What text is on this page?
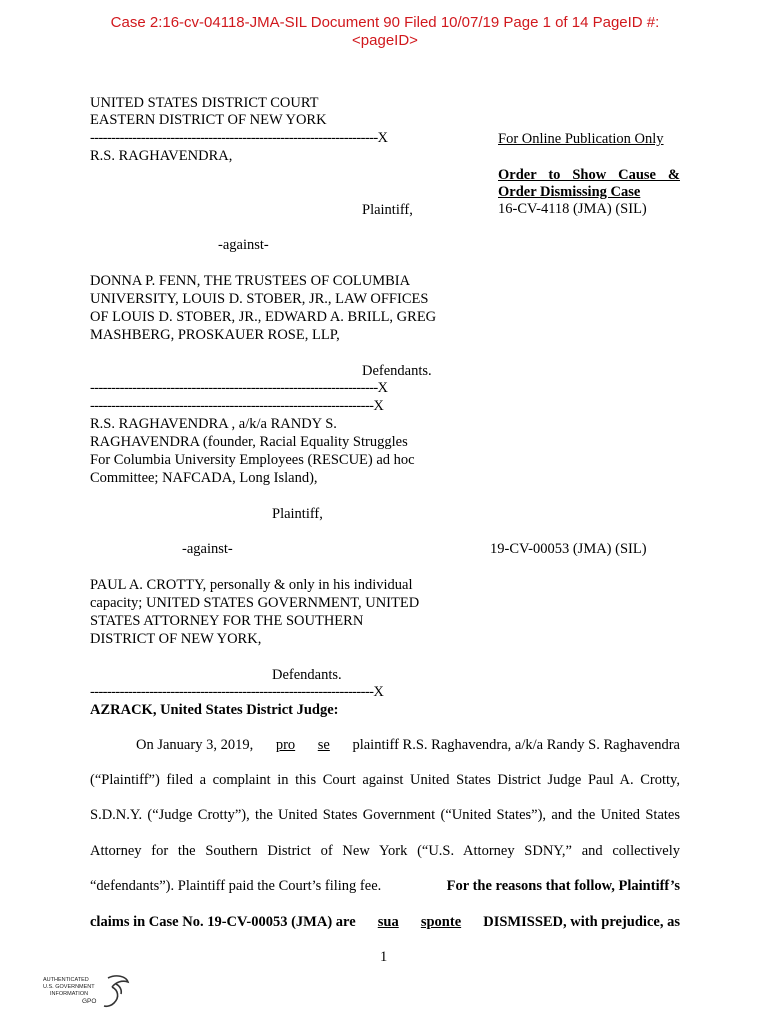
Case 2:16-cv-04118-JMA-SIL Document 90 Filed 10/07/19 Page 1 of 14 PageID #:
<pageID>
UNITED STATES DISTRICT COURT
EASTERN DISTRICT OF NEW YORK
--------------------------------------------------------------------X
R.S. RAGHAVENDRA,
Plaintiff,
-against-
DONNA P. FENN, THE TRUSTEES OF COLUMBIA
UNIVERSITY, LOUIS D. STOBER, JR., LAW OFFICES
OF LOUIS D. STOBER, JR., EDWARD A. BRILL, GREG
MASHBERG, PROSKAUER ROSE, LLP,
Defendants.
--------------------------------------------------------------------X
-------------------------------------------------------------------X
For Online Publication Only
Order to Show Cause &
Order Dismissing Case
16-CV-4118 (JMA) (SIL)
19-CV-00053 (JMA) (SIL)
R.S. RAGHAVENDRA , a/k/a RANDY S.
RAGHAVENDRA (founder, Racial Equality Struggles
For Columbia University Employees (RESCUE) ad hoc
Committee; NAFCADA, Long Island),
Plaintiff,
-against-
PAUL A. CROTTY, personally & only in his individual
capacity; UNITED STATES GOVERNMENT, UNITED
STATES ATTORNEY FOR THE SOUTHERN
DISTRICT OF NEW YORK,
Defendants.
-------------------------------------------------------------------X
AZRACK, United States District Judge:
On January 3, 2019, pro se plaintiff R.S. Raghavendra, a/k/a Randy S. Raghavendra
(“Plaintiff”) filed a complaint in this Court against United States District Judge Paul A. Crotty,
S.D.N.Y. (“Judge Crotty”), the United States Government (“United States”), and the United States
Attorney for the Southern District of New York (“U.S. Attorney SDNY,” and collectively
“defendants”). Plaintiff paid the Court’s filing fee.	For the reasons that follow, Plaintiff’s
claims in Case No. 19-CV-00053 (JMA) are sua sponte DISMISSED, with prejudice, as
1
AUTHENTICATED
U.S. GOVERNMENT
INFORMATION
GPO
